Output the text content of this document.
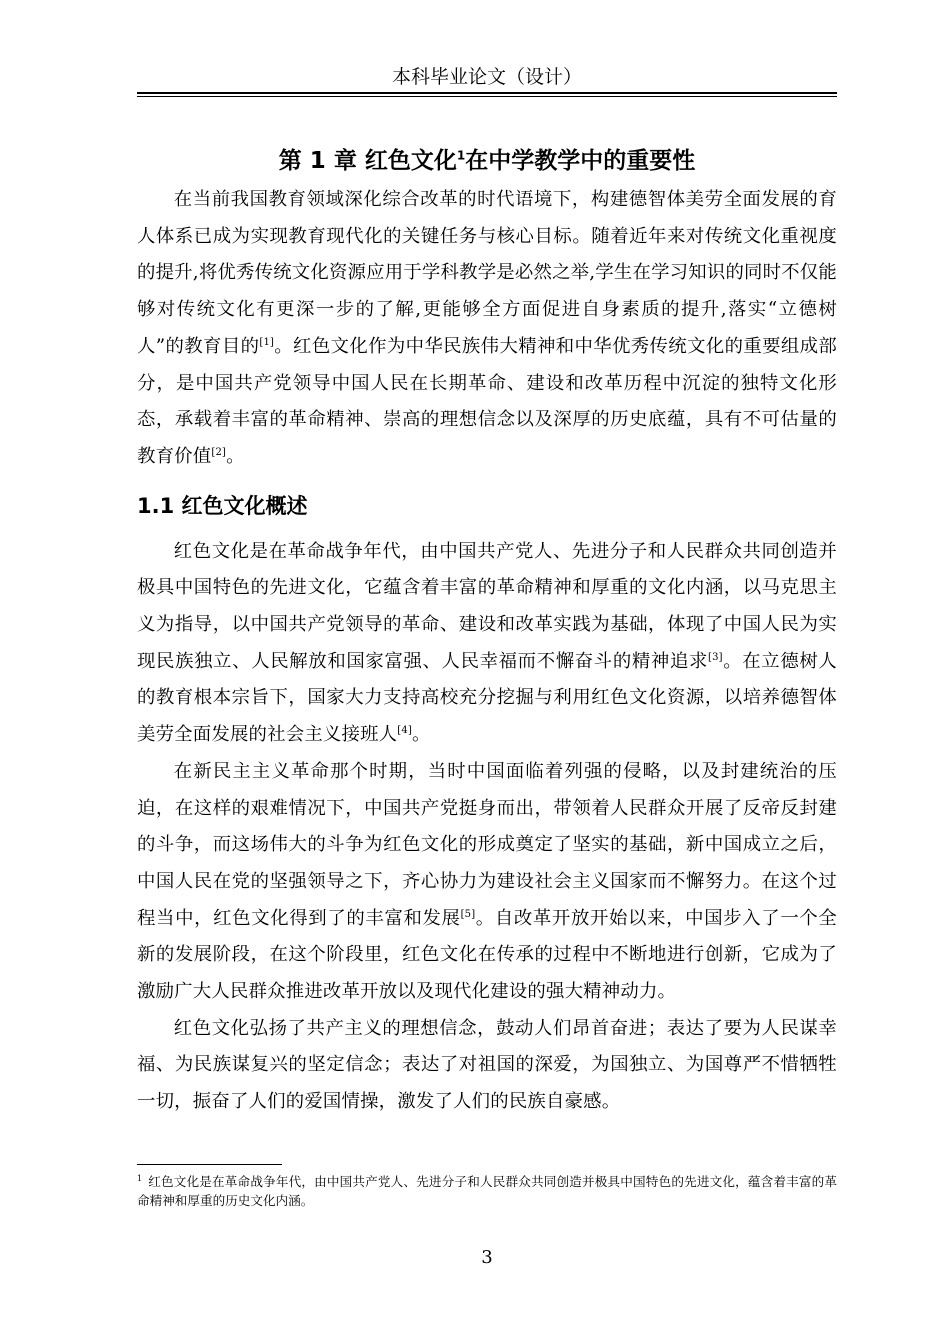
本科毕业论文（设计）
第 1 章 红色文化$^1$在中学教学中的重要性

在当前我国教育领域深化综合改革的时代语境下，构建德智体美劳全面发展的育人体系已成为实现教育现代化的关键任务与核心目标。随着近年来对传统文化重视度的提升,将优秀传统文化资源应用于学科教学是必然之举,学生在学习知识的同时不仅能够对传统文化有更深一步的了解,更能够全方面促进自身素质的提升,落实“立德树人”的教育目的[1]。红色文化作为中华民族伟大精神和中华优秀传统文化的重要组成部分，是中国共产党领导中国人民在长期革命、建设和改革历程中沉淀的独特文化形态，承载着丰富的革命精神、崇高的理想信念以及深厚的历史底蕴，具有不可估量的教育价值[2]。

1.1 红色文化概述

红色文化是在革命战争年代，由中国共产党人、先进分子和人民群众共同创造并极具中国特色的先进文化，它蕴含着丰富的革命精神和厚重的文化内涵，以马克思主义为指导，以中国共产党领导的革命、建设和改革实践为基础，体现了中国人民为实现民族独立、人民解放和国家富强、人民幸福而不懈奋斗的精神追求[3]。在立德树人的教育根本宗旨下，国家大力支持高校充分挖掘与利用红色文化资源，以培养德智体美劳全面发展的社会主义接班人[4]。

在新民主主义革命那个时期，当时中国面临着列强的侵略，以及封建统治的压迫，在这样的艰难情况下，中国共产党挺身而出，带领着人民群众开展了反帝反封建的斗争，而这场伟大的斗争为红色文化的形成奠定了坚实的基础，新中国成立之后，中国人民在党的坚强领导之下，齐心协力为建设社会主义国家而不懈努力。在这个过程当中，红色文化得到了的丰富和发展[5]。自改革开放开始以来，中国步入了一个全新的发展阶段，在这个阶段里，红色文化在传承的过程中不断地进行创新，它成为了激励广大人民群众推进改革开放以及现代化建设的强大精神动力。

红色文化弘扬了共产主义的理想信念，鼓动人们昂首奋进；表达了要为人民谋幸福、为民族谋复兴的坚定信念；表达了对祖国的深爱，为国独立、为国尊严不惜牺牲一切，振奋了人们的爱国情操，激发了人们的民族自豪感。

$^1$ 红色文化是在革命战争年代，由中国共产党人、先进分子和人民群众共同创造并极具中国特色的先进文化，蕴含着丰富的革命精神和厚重的历史文化内涵。
3
